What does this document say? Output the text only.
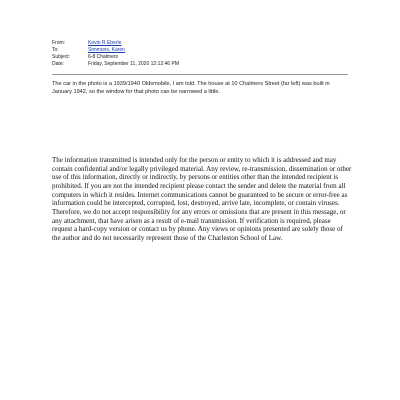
From:	Kevin R Eberle
To:	Simmons, Karen
Subject:	6-8 Chalmers
Date:	Friday, September 11, 2020 12:12:46 PM
The car in the photo is a 1939/1940 Oldsmobile, I am told. The house at 10 Chalmers Street (far left) was built in January 1942, so the window for that photo can be narrowed a little.
The information transmitted is intended only for the person or entity to which it is addressed and may contain confidential and/or legally privileged material. Any review, re-transmission, dissemination or other use of this information, directly or indirectly, by persons or entities other than the intended recipient is prohibited. If you are not the intended recipient please contact the sender and delete the material from all computers in which it resides. Internet communications cannot be guaranteed to be secure or error-free as information could be intercepted, corrupted, lost, destroyed, arrive late, incomplete, or contain viruses. Therefore, we do not accept responsibility for any errors or omissions that are present in this message, or any attachment, that have arisen as a result of e-mail transmission. If verification is required, please request a hard-copy version or contact us by phone. Any views or opinions presented are solely those of the author and do not necessarily represent those of the Charleston School of Law.
